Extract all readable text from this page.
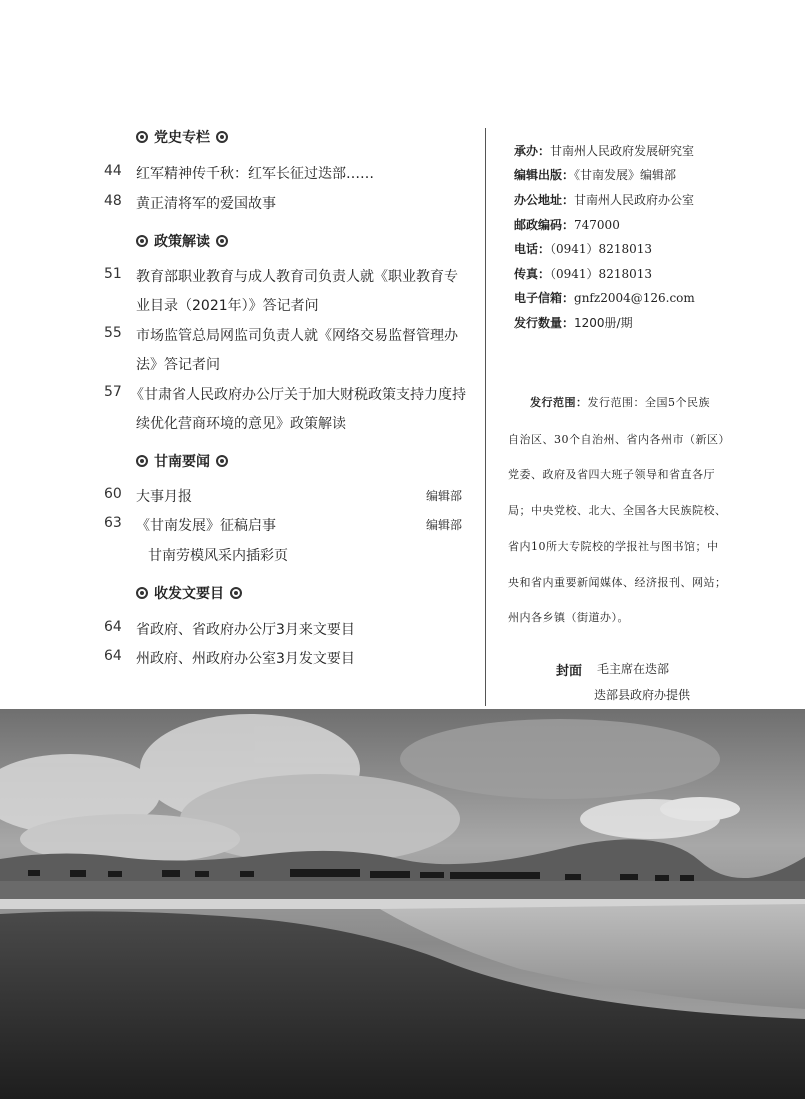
党史专栏
44 红军精神传千秋：红军长征过迭部……
48 黄正清将军的爱国故事
政策解读
51 教育部职业教育与成人教育司负责人就《职业教育专
业目录（2021年）》答记者问
55 市场监管总局网监司负责人就《网络交易监督管理办
法》答记者问
57 《甘肃省人民政府办公厅关于加大财税政策支持力度持
续优化营商环境的意见》政策解读
甘南要闻
60 大事月报	编辑部
63 《甘南发展》征稿启事	编辑部
甘南劳模风采内插彩页
收发文要目
64 省政府、省政府办公厅3月来文要目
64 州政府、州政府办公室3月发文要目
承办：甘南州人民政府发展研究室
编辑出版：《甘南发展》编辑部
办公地址：甘南州人民政府办公室
邮政编码：747000
电话：（0941）8218013
传真：（0941）8218013
电子信箱：gnfz2004@126.com
发行数量：1200册/期
发行范围：发行范围：全国5个民族
自治区、30个自治州、省内各州市（新区）
党委、政府及省四大班子领导和省直各厅
局；中央党校、北大、全国各大民族院校、
省内10所大专院校的学报社与图书馆；中
央和省内重要新闻媒体、经济报刊、网站；
州内各乡镇（街道办）。
封面 毛主席在迭部
迭部县政府办提供
